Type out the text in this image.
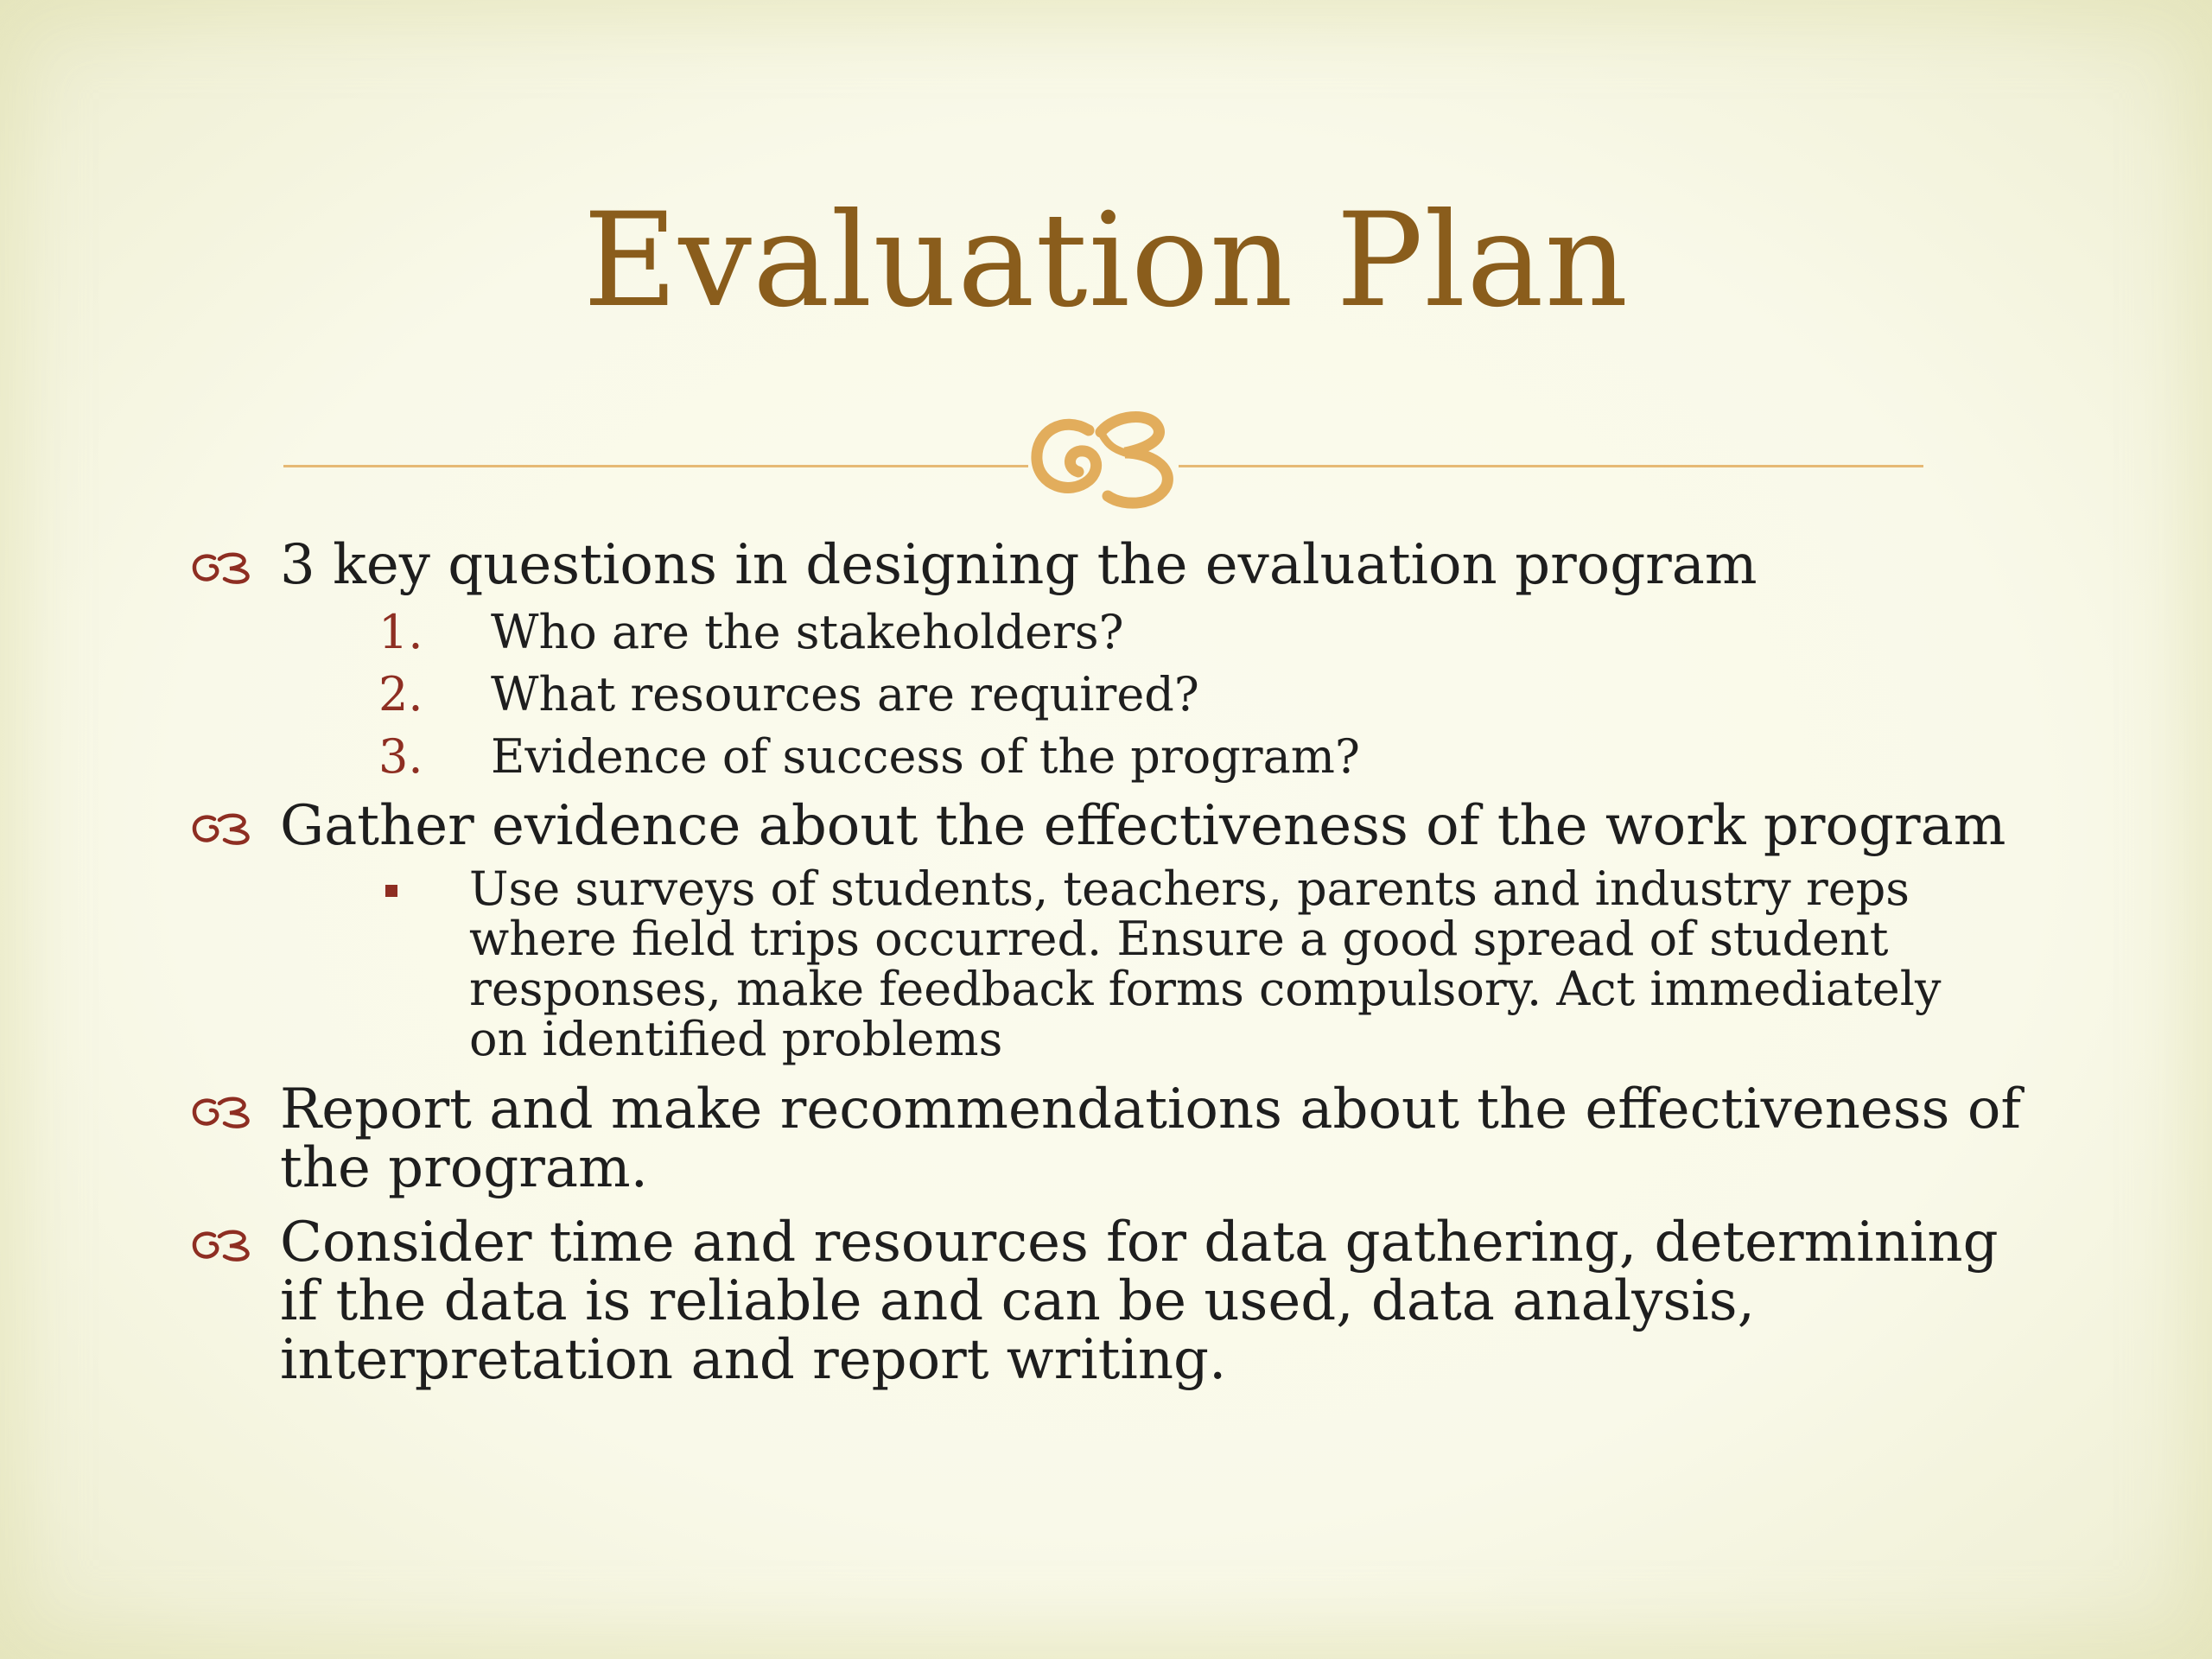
Evaluation Plan
3 key questions in designing the evaluation program
1. Who are the stakeholders?
2. What resources are required?
3. Evidence of success of the program?
Gather evidence about the effectiveness of the work program
Use surveys of students, teachers, parents and industry reps where field trips occurred. Ensure a good spread of student responses, make feedback forms compulsory. Act immediately on identified problems
Report and make recommendations about the effectiveness of the program.
Consider time and resources for data gathering, determining if the data is reliable and can be used, data analysis, interpretation and report writing.
